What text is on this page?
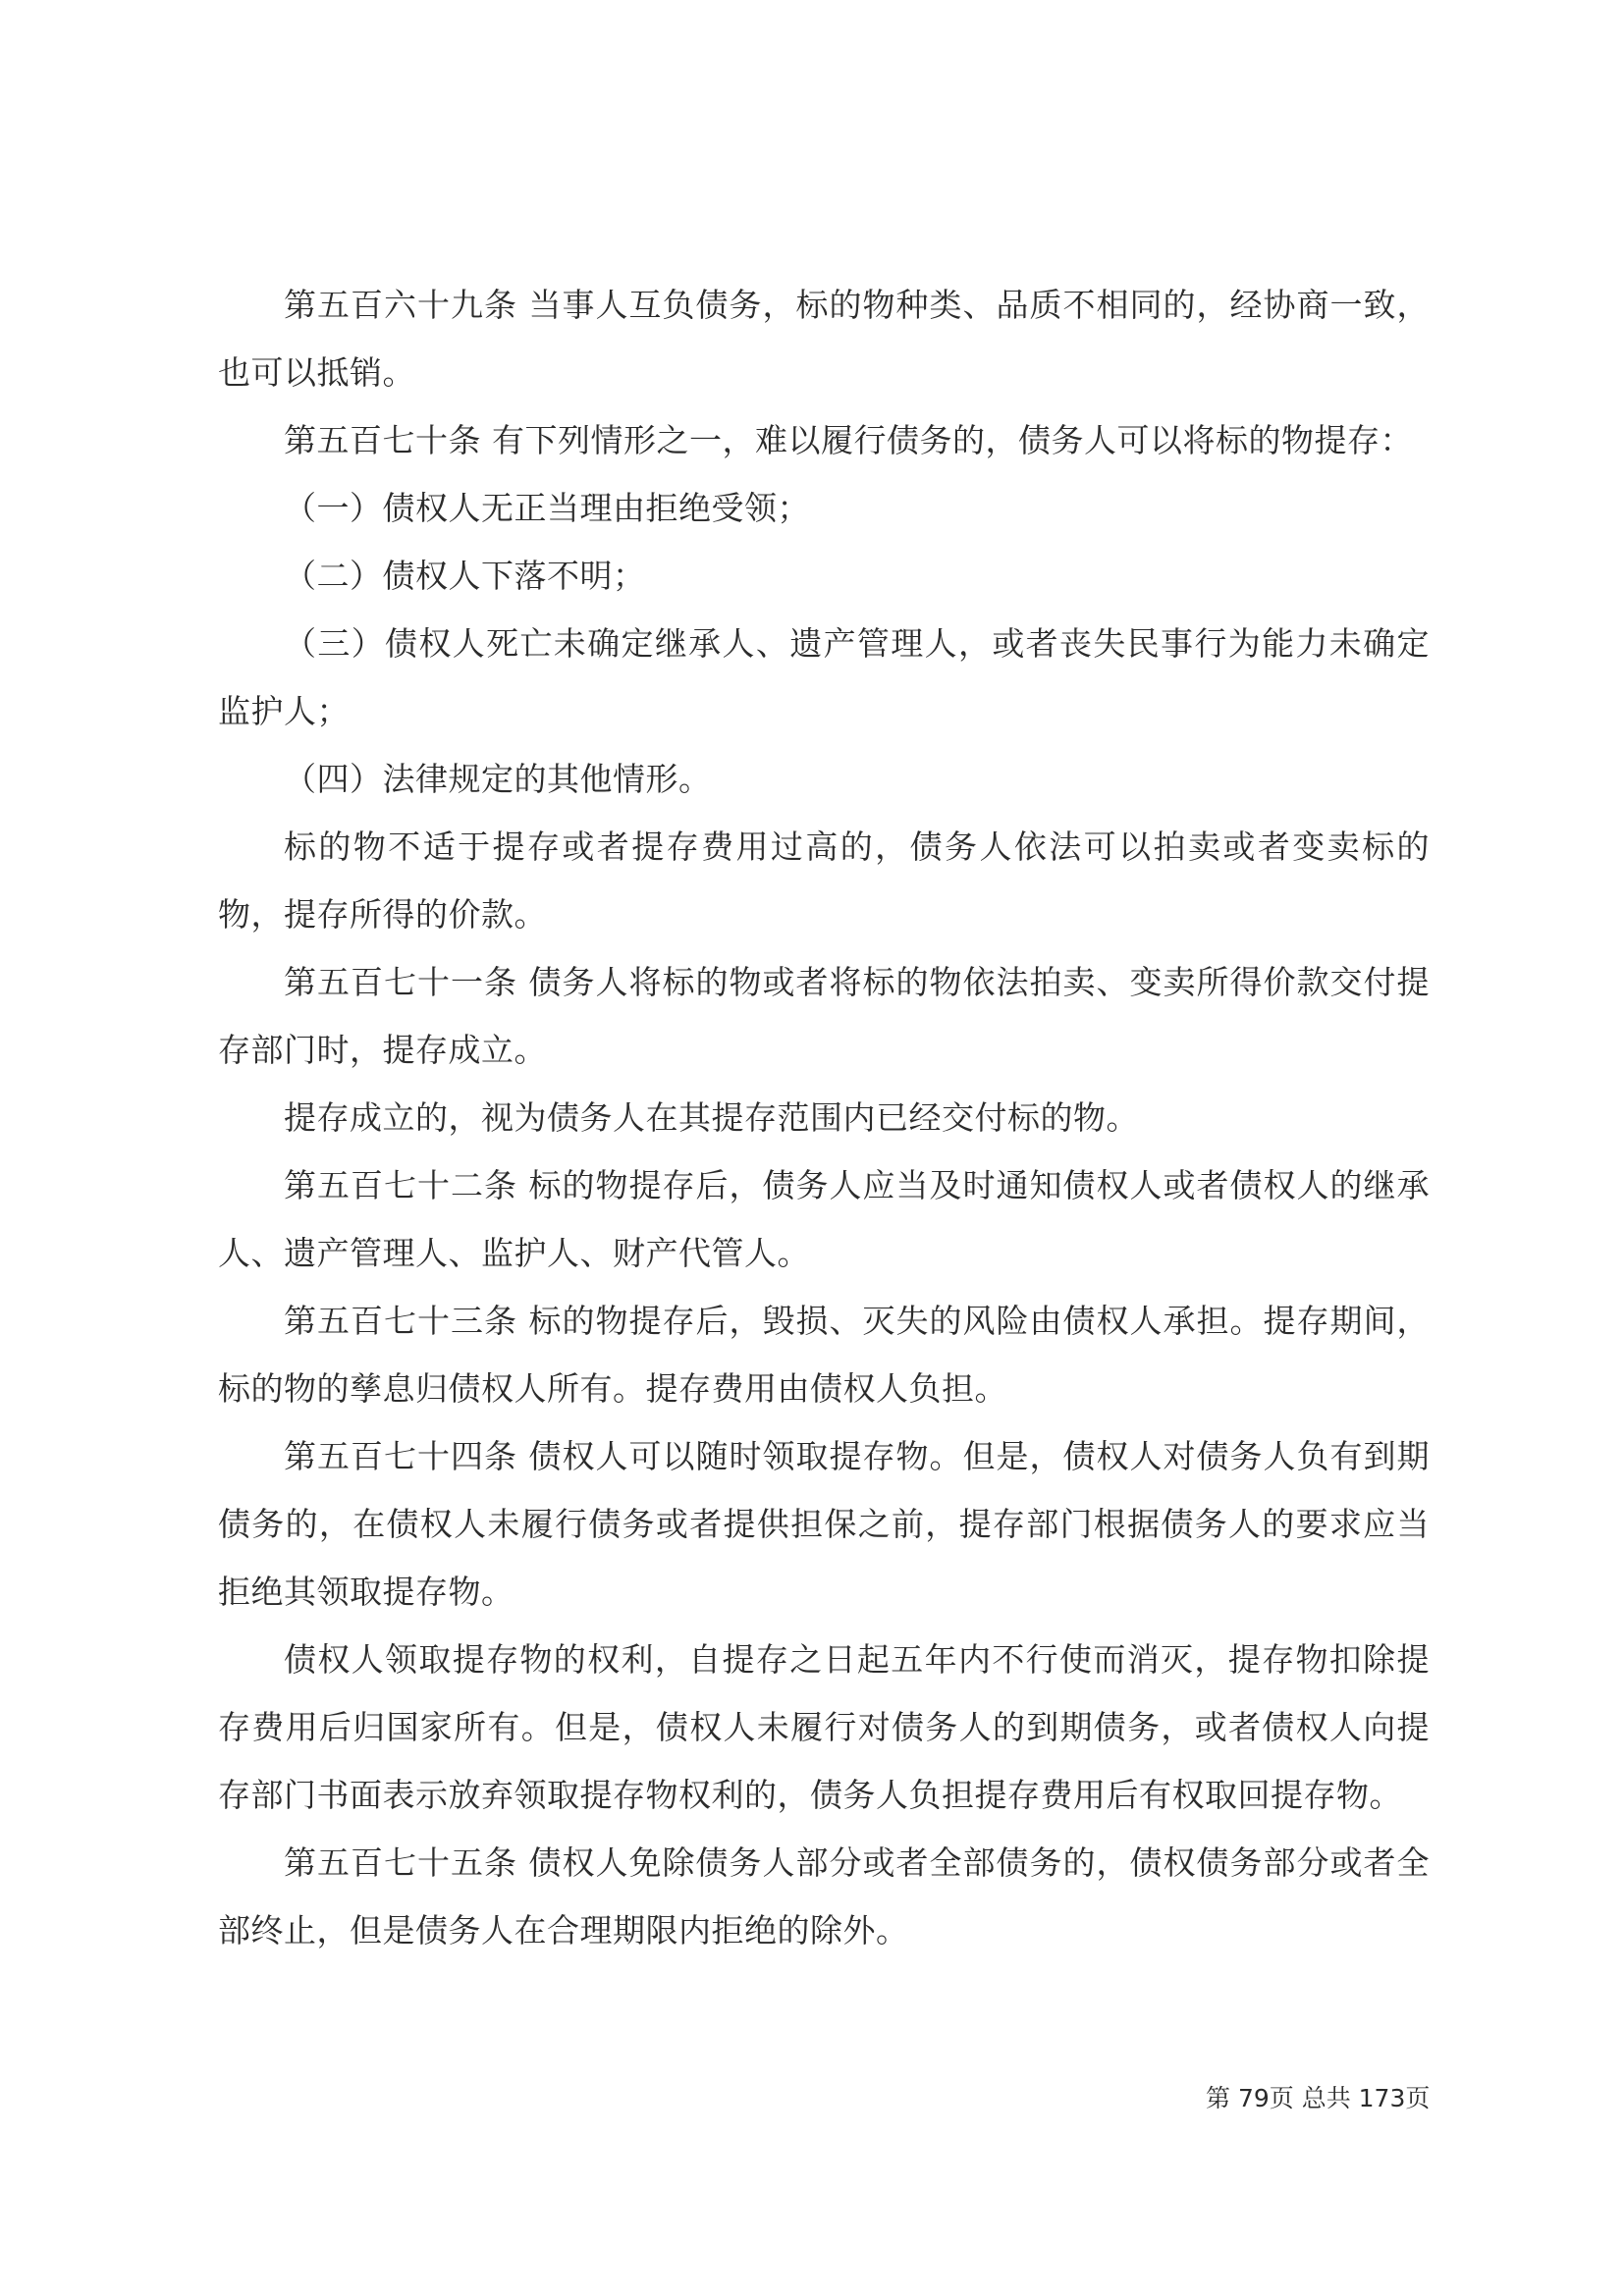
第五百六十九条 当事人互负债务，标的物种类、品质不相同的，经协商一致，也可以抵销。

第五百七十条 有下列情形之一，难以履行债务的，债务人可以将标的物提存：

（一）债权人无正当理由拒绝受领；

（二）债权人下落不明；

（三）债权人死亡未确定继承人、遗产管理人，或者丧失民事行为能力未确定监护人；

（四）法律规定的其他情形。

标的物不适于提存或者提存费用过高的，债务人依法可以拍卖或者变卖标的物，提存所得的价款。

第五百七十一条 债务人将标的物或者将标的物依法拍卖、变卖所得价款交付提存部门时，提存成立。

提存成立的，视为债务人在其提存范围内已经交付标的物。

第五百七十二条 标的物提存后，债务人应当及时通知债权人或者债权人的继承人、遗产管理人、监护人、财产代管人。

第五百七十三条 标的物提存后，毁损、灭失的风险由债权人承担。提存期间，标的物的孳息归债权人所有。提存费用由债权人负担。

第五百七十四条 债权人可以随时领取提存物。但是，债权人对债务人负有到期债务的，在债权人未履行债务或者提供担保之前，提存部门根据债务人的要求应当拒绝其领取提存物。

债权人领取提存物的权利，自提存之日起五年内不行使而消灭，提存物扣除提存费用后归国家所有。但是，债权人未履行对债务人的到期债务，或者债权人向提存部门书面表示放弃领取提存物权利的，债务人负担提存费用后有权取回提存物。

第五百七十五条 债权人免除债务人部分或者全部债务的，债权债务部分或者全部终止，但是债务人在合理期限内拒绝的除外。

第 79页 总共 173页
